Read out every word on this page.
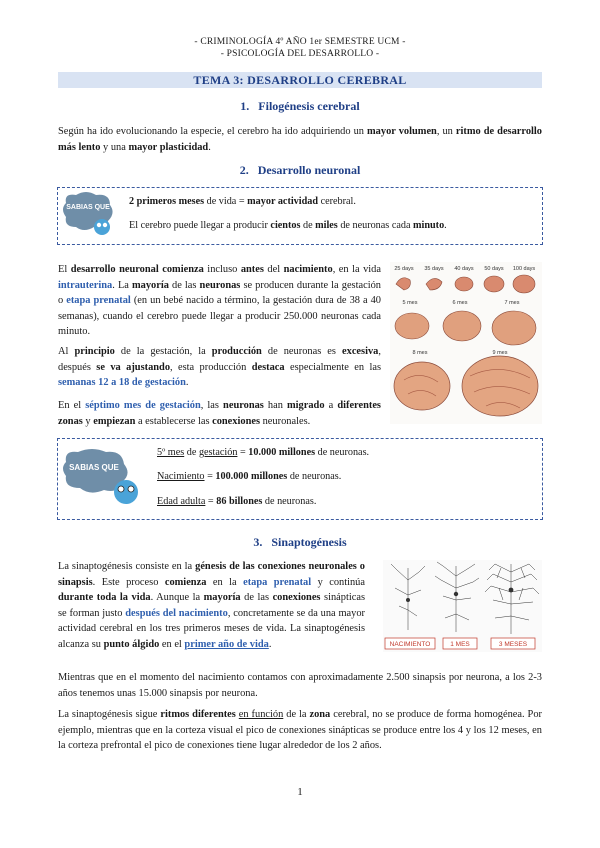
- CRIMINOLOGÍA 4º AÑO 1er SEMESTRE UCM -
- PSICOLOGÍA DEL DESARROLLO -
TEMA 3: DESARROLLO CEREBRAL
1. Filogénesis cerebral
Según ha ido evolucionando la especie, el cerebro ha ido adquiriendo un mayor volumen, un ritmo de desarrollo más lento y una mayor plasticidad.
2. Desarrollo neuronal
SABIAS QUE
2 primeros meses de vida = mayor actividad cerebral.
El cerebro puede llegar a producir cientos de miles de neuronas cada minuto.
El desarrollo neuronal comienza incluso antes del nacimiento, en la vida intrauterina. La mayoría de las neuronas se producen durante la gestación o etapa prenatal (en un bebé nacido a término, la gestación dura de 38 a 40 semanas), cuando el cerebro puede llegar a producir 250.000 neuronas cada minuto.
Al principio de la gestación, la producción de neuronas es excesiva, después se va ajustando, esta producción destaca especialmente en las semanas 12 a 18 de gestación.
En el séptimo mes de gestación, las neuronas han migrado a diferentes zonas y empiezan a establecerse las conexiones neuronales.
25 days 35 days 40 days 50 days 100 days
5 mes	6 mes	7 mes
8 mes	9 mes
SABIAS QUE
5º mes de gestación = 10.000 millones de neuronas.
Nacimiento = 100.000 millones de neuronas.
Edad adulta = 86 billones de neuronas.
3. Sinaptogénesis
La sinaptogénesis consiste en la génesis de las conexiones neuronales o sinapsis. Este proceso comienza en la etapa prenatal y continúa durante toda la vida. Aunque la mayoría de las conexiones sinápticas se forman justo después del nacimiento, concretamente se da una mayor actividad cerebral en los tres primeros meses de vida. La sinaptogénesis alcanza su punto álgido en el primer año de vida.	NACIMIENTO	1 MES	3 MESES
Mientras que en el momento del nacimiento contamos con aproximadamente 2.500 sinapsis por neurona, a los 2-3 años tenemos unas 15.000 sinapsis por neurona.
La sinaptogénesis sigue ritmos diferentes en función de la zona cerebral, no se produce de forma homogénea. Por ejemplo, mientras que en la corteza visual el pico de conexiones sinápticas se produce entre los 4 y los 12 meses, en la corteza prefrontal el pico de conexiones tiene lugar alrededor de los 2 años.
1
